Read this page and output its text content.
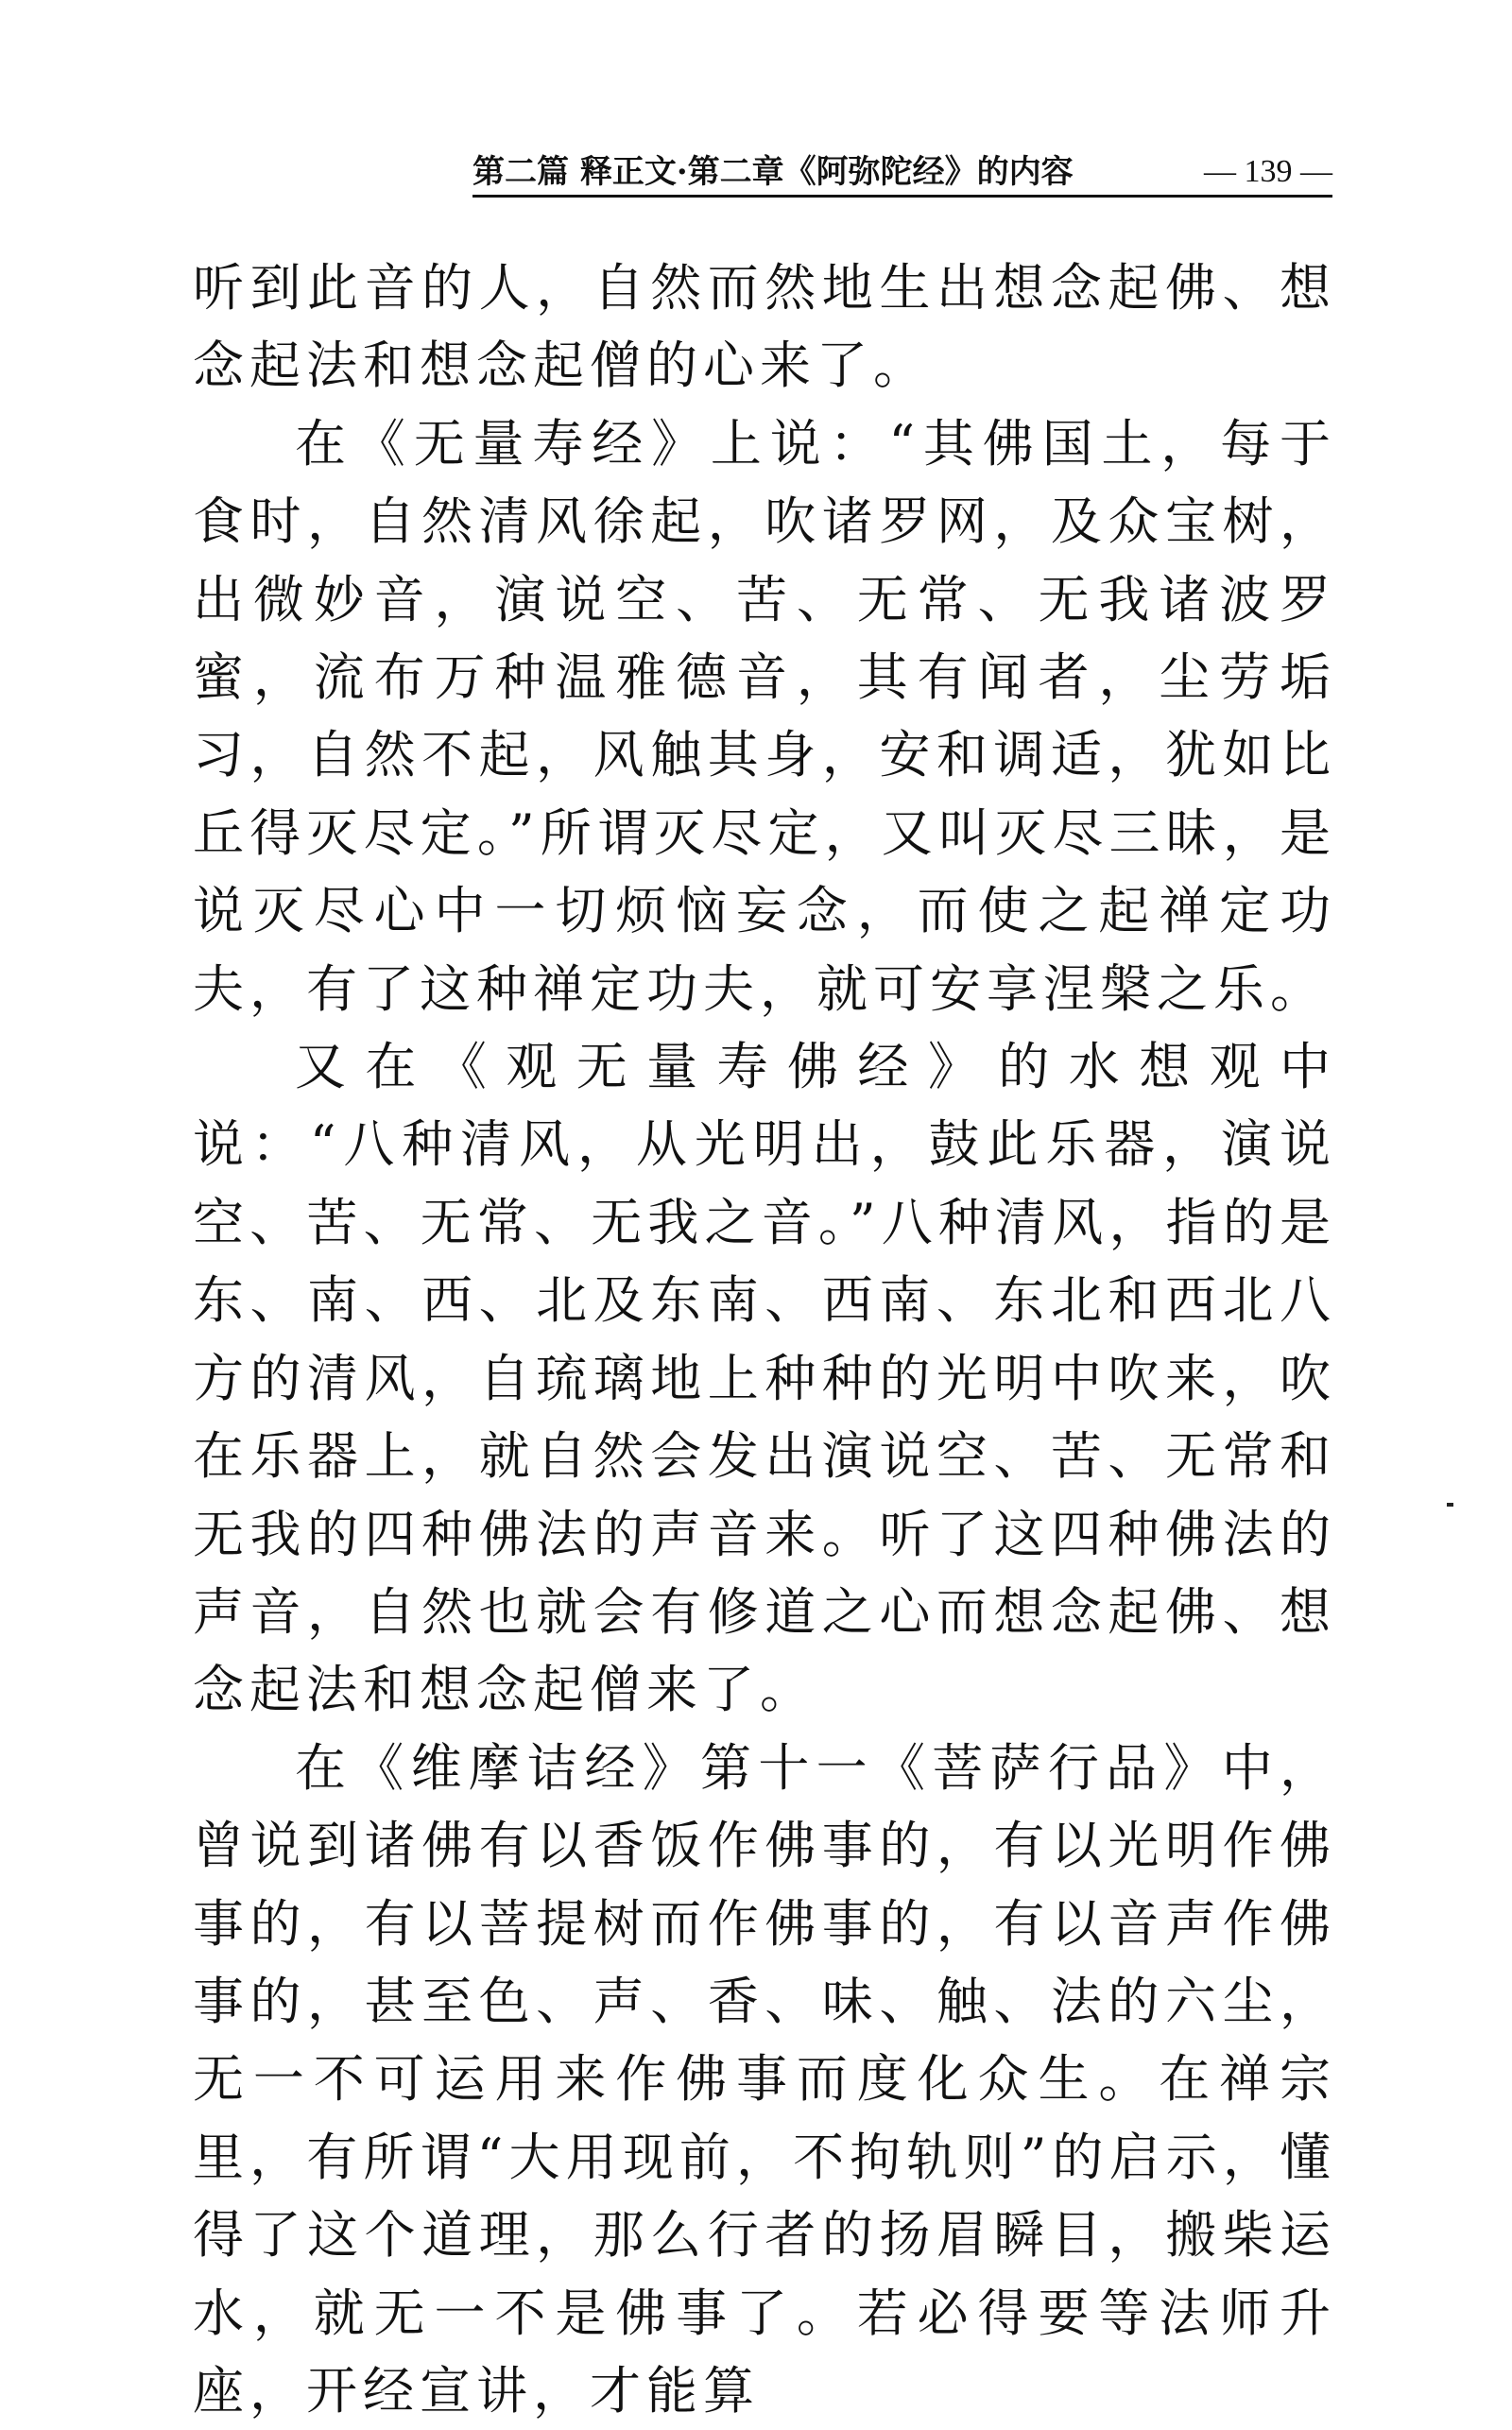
第二篇 释正文·第二章《阿弥陀经》的内容	— 139 —

听到此音的人，自然而然地生出想念起佛、想念起法和想念起僧的心来了。

在《无量寿经》上说：“其佛国土，每于食时，自然清风徐起，吹诸罗网，及众宝树，出微妙音，演说空、苦、无常、无我诸波罗蜜，流布万种温雅德音，其有闻者，尘劳垢习，自然不起，风触其身，安和调适，犹如比丘得灭尽定。”所谓灭尽定，又叫灭尽三昧，是说灭尽心中一切烦恼妄念，而使之起禅定功夫，有了这种禅定功夫，就可安享涅槃之乐。

又在《观无量寿佛经》的水想观中说：“八种清风，从光明出，鼓此乐器，演说空、苦、无常、无我之音。”八种清风，指的是东、南、西、北及东南、西南、东北和西北八方的清风，自琉璃地上种种的光明中吹来，吹在乐器上，就自然会发出演说空、苦、无常和无我的四种佛法的声音来。听了这四种佛法的声音，自然也就会有修道之心而想念起佛、想念起法和想念起僧来了。

在《维摩诘经》第十一《菩萨行品》中，曾说到诸佛有以香饭作佛事的，有以光明作佛事的，有以菩提树而作佛事的，有以音声作佛事的，甚至色、声、香、味、触、法的六尘，无一不可运用来作佛事而度化众生。在禅宗里，有所谓“大用现前，不拘轨则”的启示，懂得了这个道理，那么行者的扬眉瞬目，搬柴运水，就无一不是佛事了。若必得要等法师升座，开经宣讲，才能算
